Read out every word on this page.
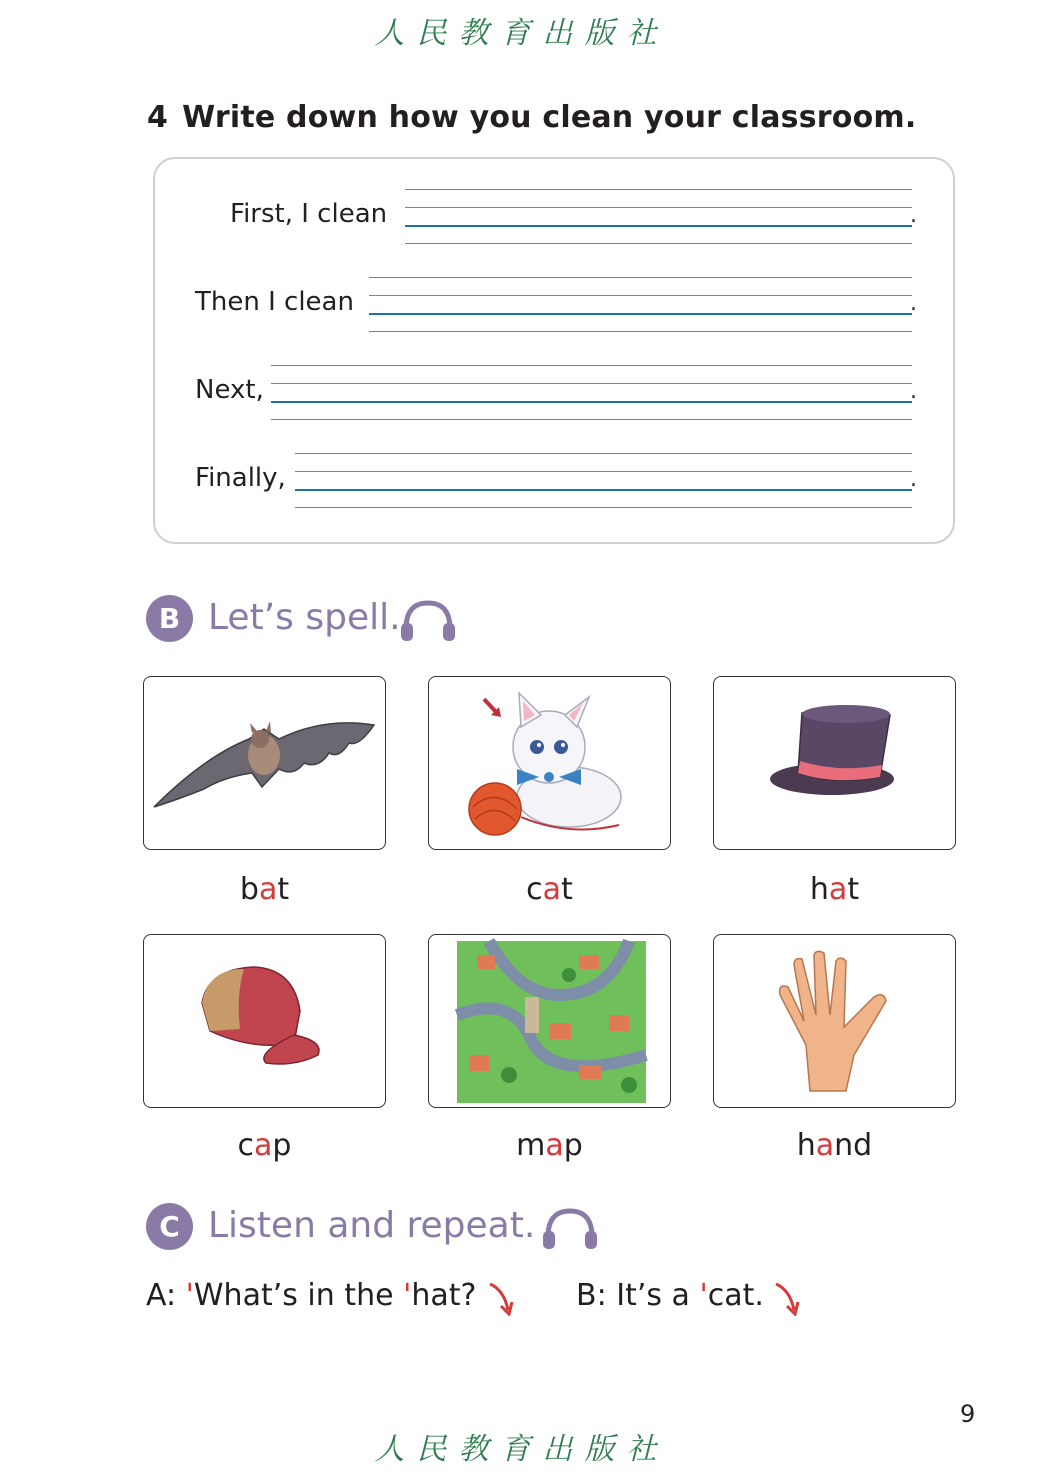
人民教育出版社
4 Write down how you clean your classroom.
First, I clean	.
Then I clean	.
Next,	.
Finally,	.
B Let’s spell.
bat	cat	hat
cap	map	hand
C Listen and repeat.
A: 'What’s in the 'hat?	B: It’s a 'cat.
9
人民教育出版社
